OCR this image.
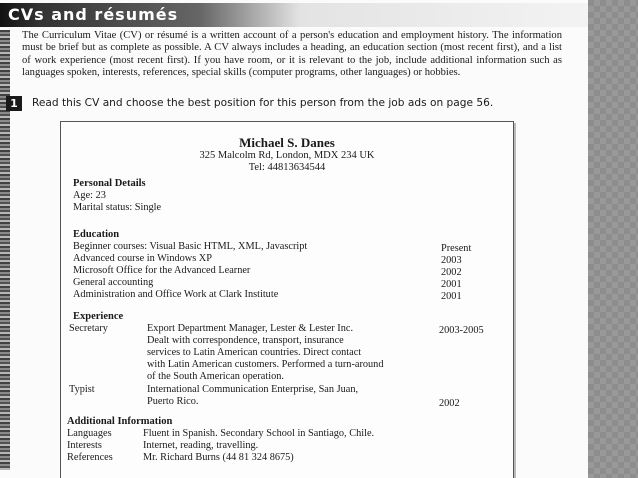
CVs and résumés
The Curriculum Vitae (CV) or résumé is a written account of a person's education and employment history. The information must be brief but as complete as possible. A CV always includes a heading, an education section (most recent first), and a list of work experience (most recent first). If you have room, or it is relevant to the job, include additional information such as languages spoken, interests, references, special skills (computer programs, other languages) or hobbies.
1 Read this CV and choose the best position for this person from the job ads on page 56.
Michael S. Danes
325 Malcolm Rd, London, MDX 234 UK
Tel: 44813634544
Personal Details
Age: 23
Marital status: Single
Education
Beginner courses: Visual Basic HTML, XML, Javascript	Present
Advanced course in Windows XP	2003
Microsoft Office for the Advanced Learner	2002
General accounting	2001
Administration and Office Work at Clark Institute	2001
Experience
Secretary	Export Department Manager, Lester & Lester Inc.	2003-2005
Dealt with correspondence, transport, insurance
services to Latin American countries. Direct contact
with Latin American customers. Performed a turn-around
of the South American operation.
Typist	International Communication Enterprise, San Juan,
Puerto Rico.	2002
Additional Information
Languages	Fluent in Spanish. Secondary School in Santiago, Chile.
Interests	Internet, reading, travelling.
References	Mr. Richard Burns (44 81 324 8675)
